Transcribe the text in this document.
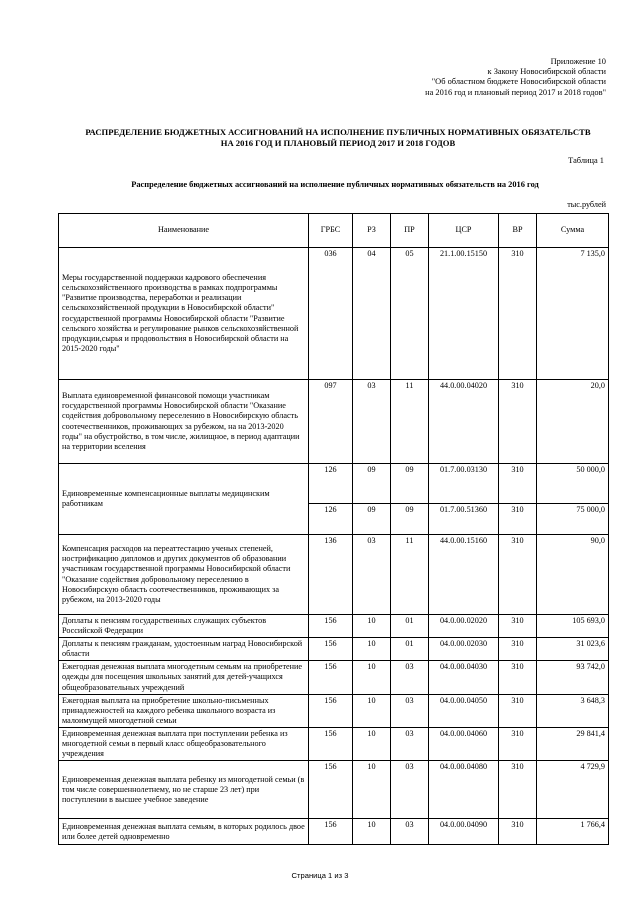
Приложение 10
к Закону Новосибирской области
"Об областном бюджете Новосибирской области
на 2016 год и плановый период 2017 и 2018 годов"
РАСПРЕДЕЛЕНИЕ БЮДЖЕТНЫХ АССИГНОВАНИЙ НА ИСПОЛНЕНИЕ ПУБЛИЧНЫХ НОРМАТИВНЫХ ОБЯЗАТЕЛЬСТВ
НА 2016 ГОД И ПЛАНОВЫЙ ПЕРИОД 2017 И 2018 ГОДОВ
Таблица 1
Распределение бюджетных ассигнований на исполнение публичных нормативных обязательств на 2016 год
тыс.рублей
Наименование	ГРБС	РЗ	ПР	ЦСР	ВР	Сумма
Меры государственной поддержки кадрового обеспечения сельскохозяйственного производства в рамках подпрограммы "Развитие производства, переработки и реализации сельскохозяйственной продукции в Новосибирской области" государственной программы Новосибирской области "Развитие сельского хозяйства и регулирование рынков сельскохозяйственной продукции,сырья и продовольствия в Новосибирской области на 2015-2020 годы"	036	04	05	21.1.00.15150	310	7 135,0
Выплата единовременной финансовой помощи участникам государственной программы Новосибирской области "Оказание содействия добровольному переселению в Новосибирскую область соотечественников, проживающих за рубежом, на на 2013-2020 годы" на обустройство, в том числе, жилищное, в период адаптации на территории вселения	097	03	11	44.0.00.04020	310	20,0
Единовременные компенсационные выплаты медицинским работникам	126	09	09	01.7.00.03130	310	50 000,0
	126	09	09	01.7.00.51360	310	75 000,0
Компенсация расходов на переаттестацию ученых степеней, нострификацию дипломов и других документов об образовании участникам государственной программы Новосибирской области "Оказание содействия добровольному переселению в Новосибирскую область соотечественников, проживающих за рубежом, на 2013-2020 годы	136	03	11	44.0.00.15160	310	90,0
Доплаты к пенсиям государственных служащих субъектов Российской Федерации	156	10	01	04.0.00.02020	310	105 693,0
Доплаты к пенсиям гражданам, удостоенным наград Новосибирской области	156	10	01	04.0.00.02030	310	31 023,6
Ежегодная денежная выплата многодетным семьям на приобретение одежды для посещения школьных занятий для детей-учащихся общеобразовательных учреждений	156	10	03	04.0.00.04030	310	93 742,0
Ежегодная выплата на приобретение школьно-письменных принадлежностей на каждого ребенка школьного возраста из малоимущей многодетной семьи	156	10	03	04.0.00.04050	310	3 648,3
Единовременная денежная выплата при поступлении ребенка из многодетной семьи в первый класс общеобразовательного учреждения	156	10	03	04.0.00.04060	310	29 841,4
Единовременная денежная выплата ребенку из многодетной семьи (в том числе совершеннолетнему, но не старше 23 лет) при поступлении в высшее учебное заведение	156	10	03	04.0.00.04080	310	4 729,9
Единовременная денежная выплата семьям, в которых родилось двое или более детей одновременно	156	10	03	04.0.00.04090	310	1 766,4
Страница 1 из 3
